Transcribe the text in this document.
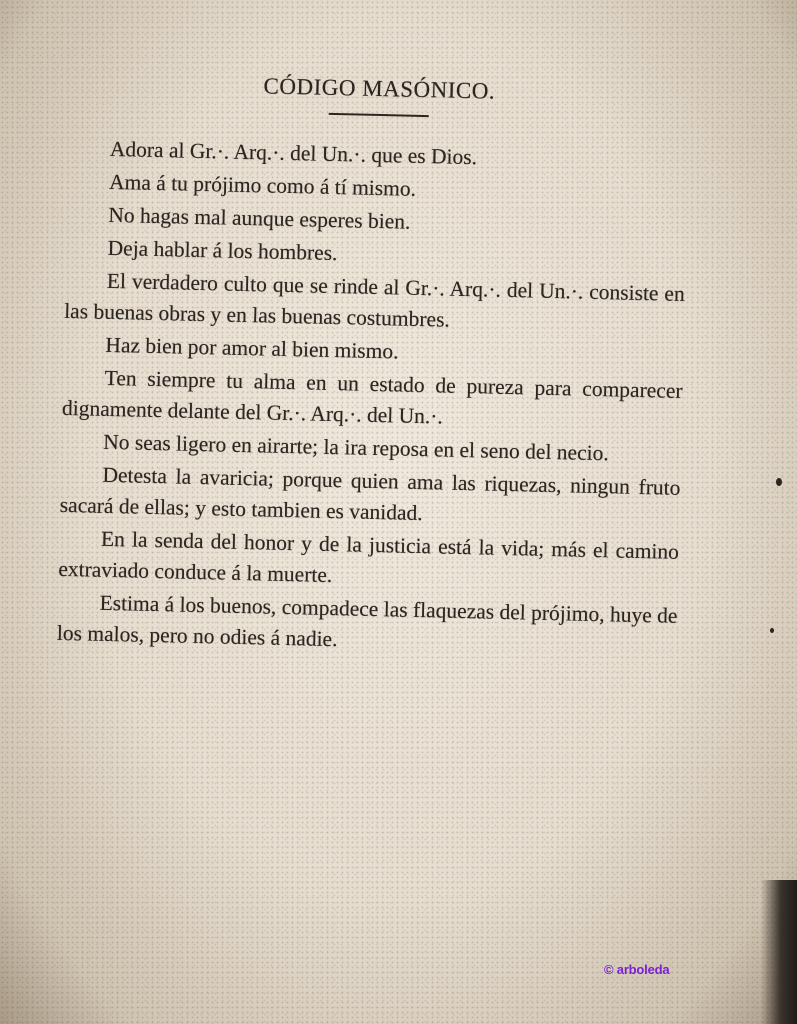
CÓDIGO MASÓNICO.

Adora al Gr.·. Arq.·. del Un.·. que es Dios.

Ama á tu prójimo como á tí mismo.

No hagas mal aunque esperes bien.

Deja hablar á los hombres.

El verdadero culto que se rinde al Gr.·. Arq.·. del Un.·. consiste en las buenas obras y en las buenas costumbres.

Haz bien por amor al bien mismo.

Ten siempre tu alma en un estado de pureza para comparecer dignamente delante del Gr.·. Arq.·. del Un.·.

No seas ligero en airarte; la ira reposa en el seno del necio.

Detesta la avaricia; porque quien ama las riquezas, ningun fruto sacará de ellas; y esto tambien es vanidad.

En la senda del honor y de la justicia está la vida; más el camino extraviado conduce á la muerte.

Estima á los buenos, compadece las flaquezas del prójimo, huye de los malos, pero no odies á nadie.

© arboleda
